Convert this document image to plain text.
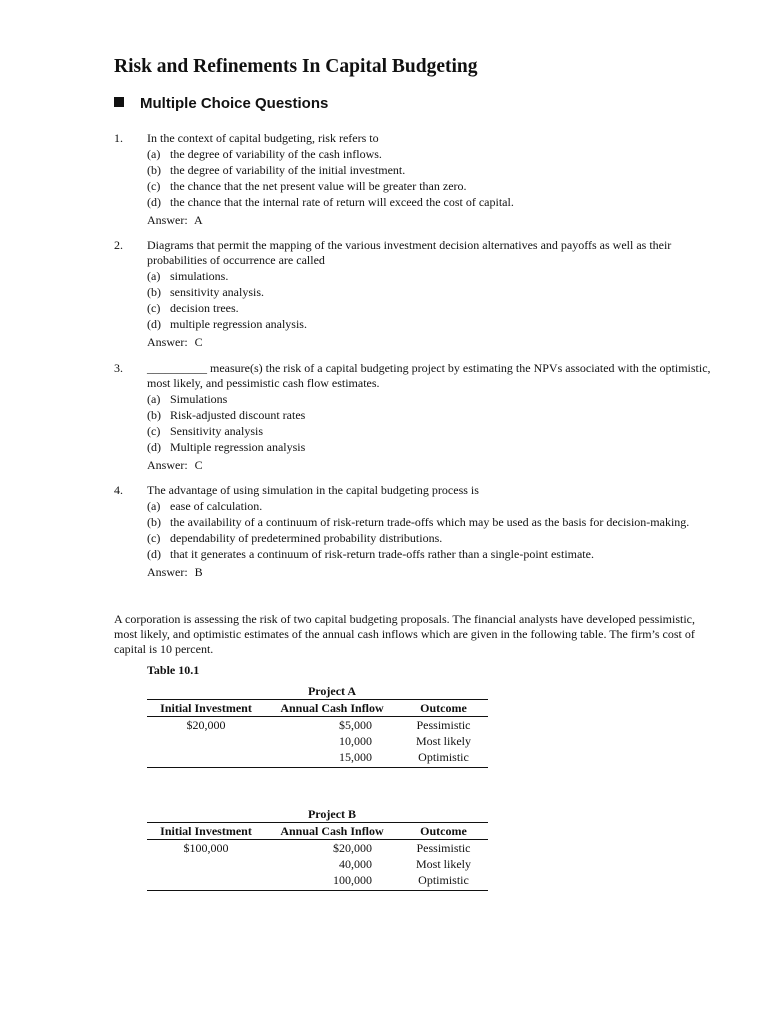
Risk and Refinements In Capital Budgeting
Multiple Choice Questions
1. In the context of capital budgeting, risk refers to

(a) the degree of variability of the cash inflows.
(b) the degree of variability of the initial investment.
(c) the chance that the net present value will be greater than zero.
(d) the chance that the internal rate of return will exceed the cost of capital.

Answer: A

2. Diagrams that permit the mapping of the various investment decision alternatives and payoffs as well as their probabilities of occurrence are called

(a) simulations.
(b) sensitivity analysis.
(c) decision trees.
(d) multiple regression analysis.

Answer: C

3. __________ measure(s) the risk of a capital budgeting project by estimating the NPVs associated with the optimistic, most likely, and pessimistic cash flow estimates.

(a) Simulations
(b) Risk-adjusted discount rates
(c) Sensitivity analysis
(d) Multiple regression analysis

Answer: C

4. The advantage of using simulation in the capital budgeting process is

(a) ease of calculation.
(b) the availability of a continuum of risk-return trade-offs which may be used as the basis for decision-making.
(c) dependability of predetermined probability distributions.
(d) that it generates a continuum of risk-return trade-offs rather than a single-point estimate.

Answer: B

A corporation is assessing the risk of two capital budgeting proposals. The financial analysts have developed pessimistic, most likely, and optimistic estimates of the annual cash inflows which are given in the following table. The firm’s cost of capital is 10 percent.

Table 10.1

	Project A	
Initial Investment	Annual Cash Inflow	Outcome
$20,000	$5,000	Pessimistic
	10,000	Most likely
	15,000	Optimistic
	Project B	
Initial Investment	Annual Cash Inflow	Outcome
$100,000	$20,000	Pessimistic
	40,000	Most likely
	100,000	Optimistic
